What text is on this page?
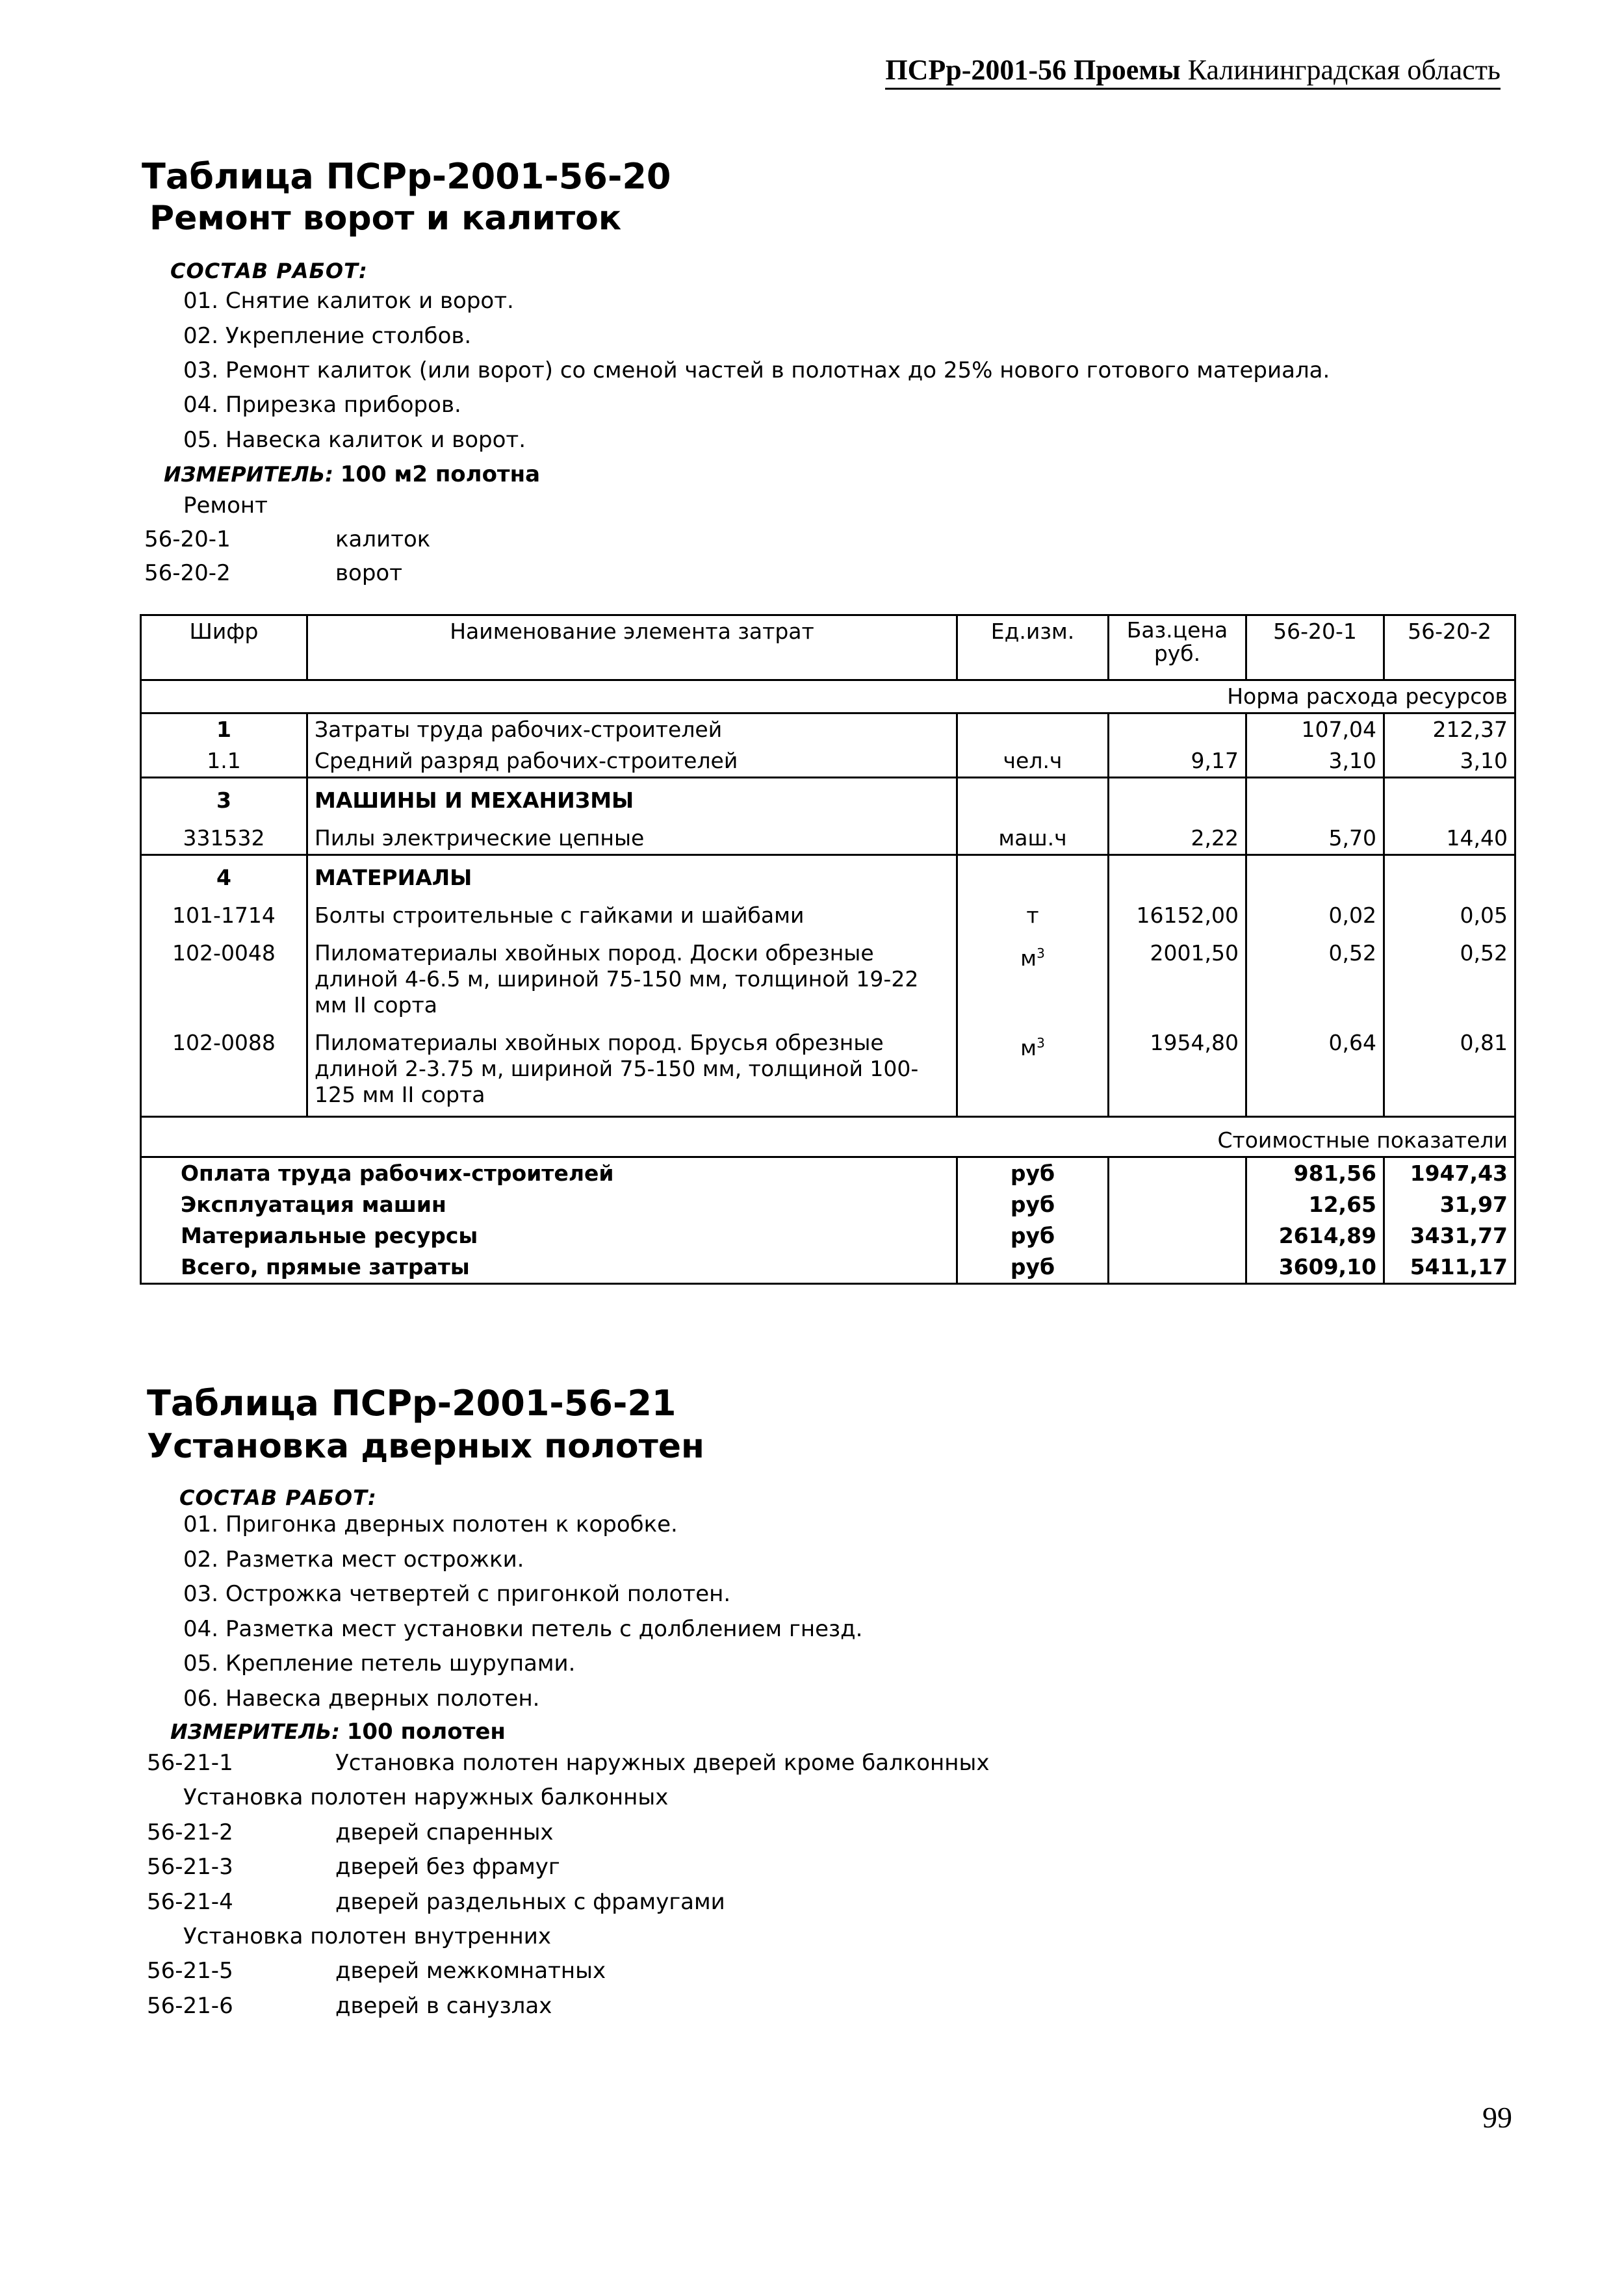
ПСРр-2001-56 Проемы Калининградская область
Таблица ПСРр-2001-56-20
Ремонт ворот и калиток
СОСТАВ РАБОТ:
01. Снятие калиток и ворот.
02. Укрепление столбов.
03. Ремонт калиток (или ворот) со сменой частей в полотнах до 25% нового готового материала.
04. Прирезка приборов.
05. Навеска калиток и ворот.
ИЗМЕРИТЕЛЬ: 100 м2 полотна
Ремонт
56-20-1	калиток
56-20-2	ворот
Шифр	Наименование элемента затрат	Ед.изм.	Баз.цена руб.	56-20-1	56-20-2
Норма расхода ресурсов					
1	Затраты труда рабочих-строителей			107,04	212,37
1.1	Средний разряд рабочих-строителей	чел.ч	9,17	3,10	3,10
3	МАШИНЫ И МЕХАНИЗМЫ				
331532	Пилы электрические цепные	маш.ч	2,22	5,70	14,40
4	МАТЕРИАЛЫ				
101-1714	Болты строительные с гайками и шайбами	т	16152,00	0,02	0,05
102-0048	Пиломатериалы хвойных пород. Доски обрезные длиной 4-6.5 м, шириной 75-150 мм, толщиной 19-22 мм II сорта	$м^3$	2001,50	0,52	0,52
102-0088	Пиломатериалы хвойных пород. Брусья обрезные длиной 2-3.75 м, шириной 75-150 мм, толщиной 100-125 мм II сорта	$м^3$	1954,80	0,64	0,81
Стоимостные показатели					
Оплата труда рабочих-строителей		руб		981,56	1947,43
Эксплуатация машин		руб		12,65	31,97
Материальные ресурсы		руб		2614,89	3431,77
Всего, прямые затраты		руб		3609,10	5411,17
Таблица ПСРр-2001-56-21
Установка дверных полотен
СОСТАВ РАБОТ:
01. Пригонка дверных полотен к коробке.
02. Разметка мест острожки.
03. Острожка четвертей с пригонкой полотен.
04. Разметка мест установки петель с долблением гнезд.
05. Крепление петель шурупами.
06. Навеска дверных полотен.
ИЗМЕРИТЕЛЬ: 100 полотен
56-21-1	Установка полотен наружных дверей кроме балконных
Установка полотен наружных балконных
56-21-2	дверей спаренных
56-21-3	дверей без фрамуг
56-21-4	дверей раздельных с фрамугами
Установка полотен внутренних
56-21-5	дверей межкомнатных
56-21-6	дверей в санузлах
99
